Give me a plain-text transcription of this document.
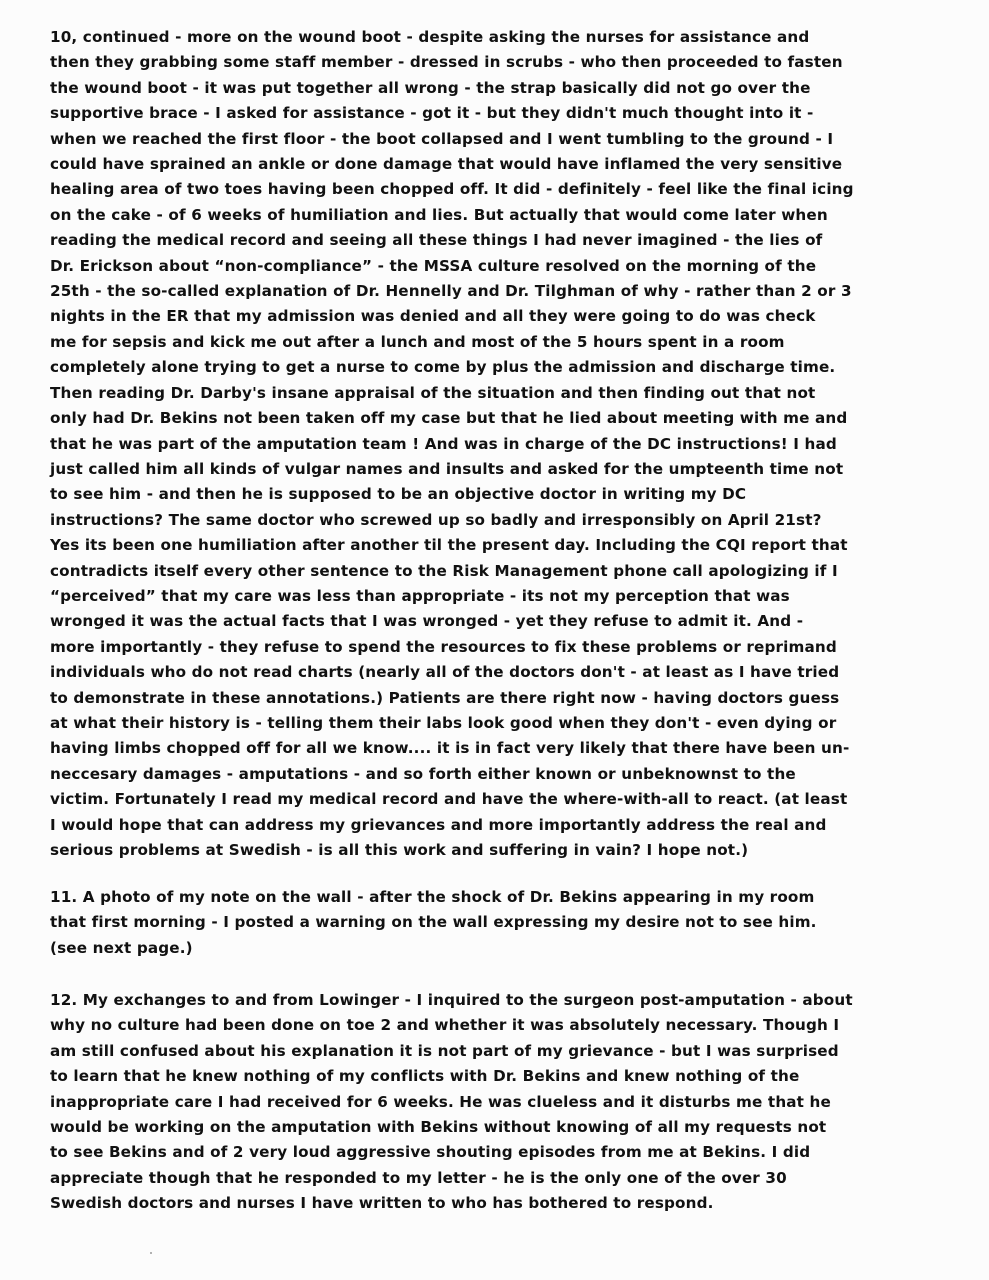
10, continued - more on the wound boot - despite asking the nurses for assistance and
then they grabbing some staff member - dressed in scrubs - who then proceeded to fasten
the wound boot - it was put together all wrong - the strap basically did not go over the
supportive brace - I asked for assistance - got it - but they didn't much thought into it -
when we reached the first floor - the boot collapsed and I went tumbling to the ground - I
could have sprained an ankle or done damage that would have inflamed the very sensitive
healing area of two toes having been chopped off. It did - definitely - feel like the final icing
on the cake - of 6 weeks of humiliation and lies. But actually that would come later when
reading the medical record and seeing all these things I had never imagined - the lies of
Dr. Erickson about “non-compliance” - the MSSA culture resolved on the morning of the
25th - the so-called explanation of Dr. Hennelly and Dr. Tilghman of why - rather than 2 or 3
nights in the ER that my admission was denied and all they were going to do was check
me for sepsis and kick me out after a lunch and most of the 5 hours spent in a room
completely alone trying to get a nurse to come by plus the admission and discharge time.
Then reading Dr. Darby's insane appraisal of the situation and then finding out that not
only had Dr. Bekins not been taken off my case but that he lied about meeting with me and
that he was part of the amputation team ! And was in charge of the DC instructions! I had
just called him all kinds of vulgar names and insults and asked for the umpteenth time not
to see him - and then he is supposed to be an objective doctor in writing my DC
instructions? The same doctor who screwed up so badly and irresponsibly on April 21st?
Yes its been one humiliation after another til the present day. Including the CQI report that
contradicts itself every other sentence to the Risk Management phone call apologizing if I
“perceived” that my care was less than appropriate - its not my perception that was
wronged it was the actual facts that I was wronged - yet they refuse to admit it. And -
more importantly - they refuse to spend the resources to fix these problems or reprimand
individuals who do not read charts (nearly all of the doctors don't - at least as I have tried
to demonstrate in these annotations.) Patients are there right now - having doctors guess
at what their history is - telling them their labs look good when they don't - even dying or
having limbs chopped off for all we know.... it is in fact very likely that there have been un-
neccesary damages - amputations - and so forth either known or unbeknownst to the
victim. Fortunately I read my medical record and have the where-with-all to react. (at least
I would hope that can address my grievances and more importantly address the real and
serious problems at Swedish - is all this work and suffering in vain? I hope not.)

11. A photo of my note on the wall - after the shock of Dr. Bekins appearing in my room
that first morning - I posted a warning on the wall expressing my desire not to see him.
(see next page.)

12. My exchanges to and from Lowinger - I inquired to the surgeon post-amputation - about
why no culture had been done on toe 2 and whether it was absolutely necessary. Though I
am still confused about his explanation it is not part of my grievance - but I was surprised
to learn that he knew nothing of my conflicts with Dr. Bekins and knew nothing of the
inappropriate care I had received for 6 weeks. He was clueless and it disturbs me that he
would be working on the amputation with Bekins without knowing of all my requests not
to see Bekins and of 2 very loud aggressive shouting episodes from me at Bekins. I did
appreciate though that he responded to my letter - he is the only one of the over 30
Swedish doctors and nurses I have written to who has bothered to respond.
